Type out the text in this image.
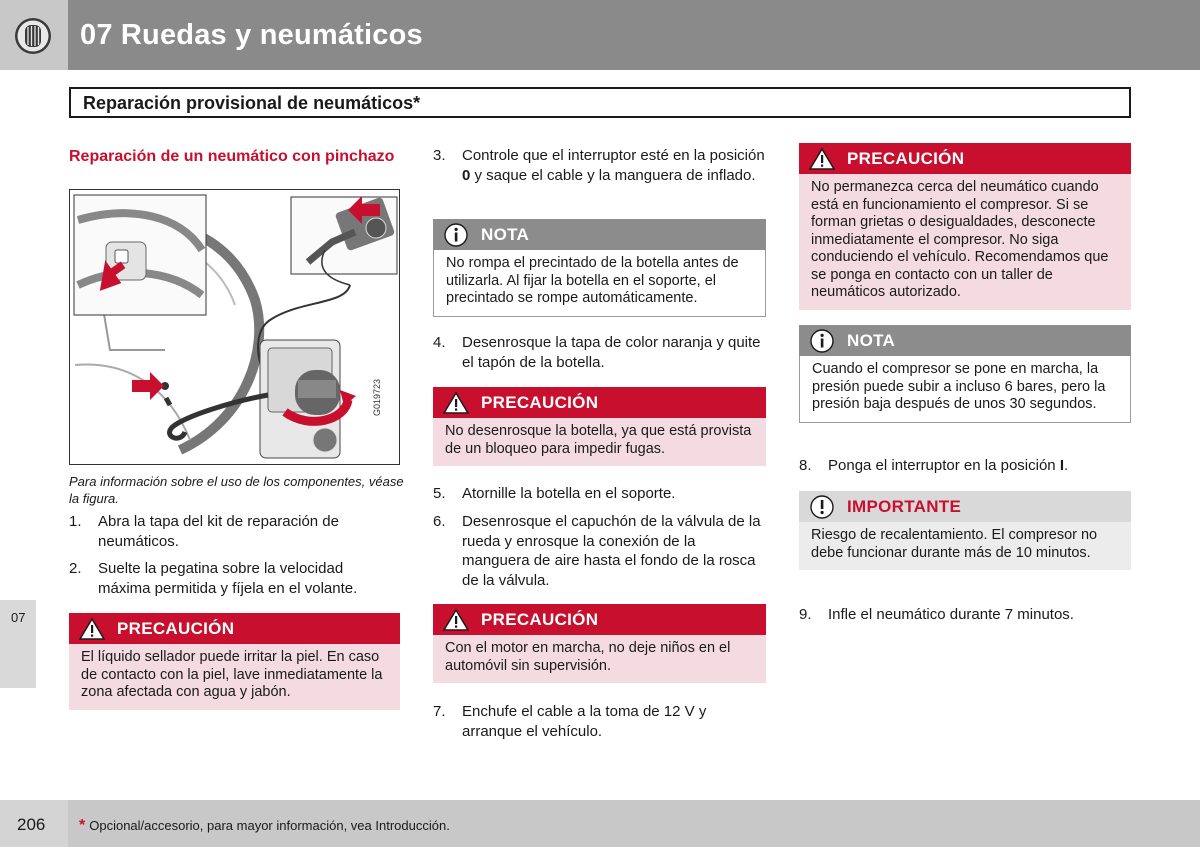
07 Ruedas y neumáticos
Reparación provisional de neumáticos*
Reparación de un neumático con pinchazo
G019723
Para información sobre el uso de los componentes, véase la figura.
1.	Abra la tapa del kit de reparación de neumáticos.
2.	Suelte la pegatina sobre la velocidad máxima permitida y fíjela en el volante.
PRECAUCIÓN
El líquido sellador puede irritar la piel. En caso de contacto con la piel, lave inmediatamente la zona afectada con agua y jabón.
3.	Controle que el interruptor esté en la posición 0 y saque el cable y la manguera de inflado.
NOTA
No rompa el precintado de la botella antes de utilizarla. Al fijar la botella en el soporte, el precintado se rompe automáticamente.
4.	Desenrosque la tapa de color naranja y quite el tapón de la botella.
PRECAUCIÓN
No desenrosque la botella, ya que está provista de un bloqueo para impedir fugas.
5.	Atornille la botella en el soporte.
6.	Desenrosque el capuchón de la válvula de la rueda y enrosque la conexión de la manguera de aire hasta el fondo de la rosca de la válvula.
PRECAUCIÓN
Con el motor en marcha, no deje niños en el automóvil sin supervisión.
7.	Enchufe el cable a la toma de 12 V y arranque el vehículo.
PRECAUCIÓN
No permanezca cerca del neumático cuando está en funcionamiento el compresor. Si se forman grietas o desigualdades, desconecte inmediatamente el compresor. No siga conduciendo el vehículo. Recomendamos que se ponga en contacto con un taller de neumáticos autorizado.
NOTA
Cuando el compresor se pone en marcha, la presión puede subir a incluso 6 bares, pero la presión baja después de unos 30 segundos.
8.	Ponga el interruptor en la posición I.
IMPORTANTE
Riesgo de recalentamiento. El compresor no debe funcionar durante más de 10 minutos.
9.	Infle el neumático durante 7 minutos.
07
206 * Opcional/accesorio, para mayor información, vea Introducción.
